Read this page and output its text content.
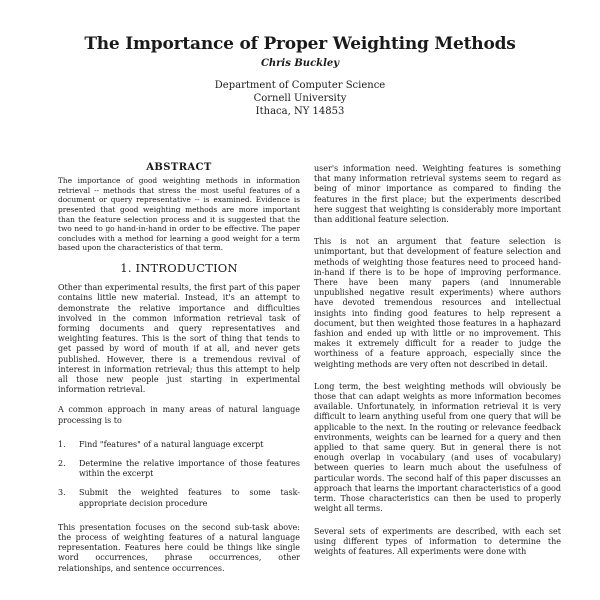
The Importance of Proper Weighting Methods
Chris Buckley
Department of Computer Science
Cornell University
Ithaca, NY 14853
ABSTRACT

The importance of good weighting methods in information retrieval -- methods that stress the most useful features of a document or query representative -- is examined. Evidence is presented that good weighting methods are more important than the feature selection process and it is suggested that the two need to go hand-in-hand in order to be effective. The paper concludes with a method for learning a good weight for a term based upon the characteristics of that term.

1. INTRODUCTION

Other than experimental results, the first part of this paper contains little new material. Instead, it's an attempt to demonstrate the relative importance and difficulties involved in the common information retrieval task of forming documents and query representatives and weighting features. This is the sort of thing that tends to get passed by word of mouth if at all, and never gets published. However, there is a tremendous revival of interest in information retrieval; thus this attempt to help all those new people just starting in experimental information retrieval.

A common approach in many areas of natural language processing is to

1.	Find "features" of a natural language excerpt
2.	Determine the relative importance of those features within the excerpt
3.	Submit the weighted features to some task-appropriate decision procedure

This presentation focuses on the second sub-task above: the process of weighting features of a natural language representation. Features here could be things like single word occurrences, phrase occurrences, other relationships, and sentence occurrences.

user's information need. Weighting features is something that many information retrieval systems seem to regard as being of minor importance as compared to finding the features in the first place; but the experiments described here suggest that weighting is considerably more important than additional feature selection.

This is not an argument that feature selection is unimportant, but that development of feature selection and methods of weighting those features need to proceed hand-in-hand if there is to be hope of improving performance. There have been many papers (and innumerable unpublished negative result experiments) where authors have devoted tremendous resources and intellectual insights into finding good features to help represent a document, but then weighted those features in a haphazard fashion and ended up with little or no improvement. This makes it extremely difficult for a reader to judge the worthiness of a feature approach, especially since the weighting methods are very often not described in detail.

Long term, the best weighting methods will obviously be those that can adapt weights as more information becomes available. Unfortunately, in information retrieval it is very difficult to learn anything useful from one query that will be applicable to the next. In the routing or relevance feedback environments, weights can be learned for a query and then applied to that same query. But in general there is not enough overlap in vocabulary (and uses of vocabulary) between queries to learn much about the usefulness of particular words. The second half of this paper discusses an approach that learns the important characteristics of a good term. Those characteristics can then be used to properly weight all terms.

Several sets of experiments are described, with each set using different types of information to determine the weights of features. All experiments were done with
